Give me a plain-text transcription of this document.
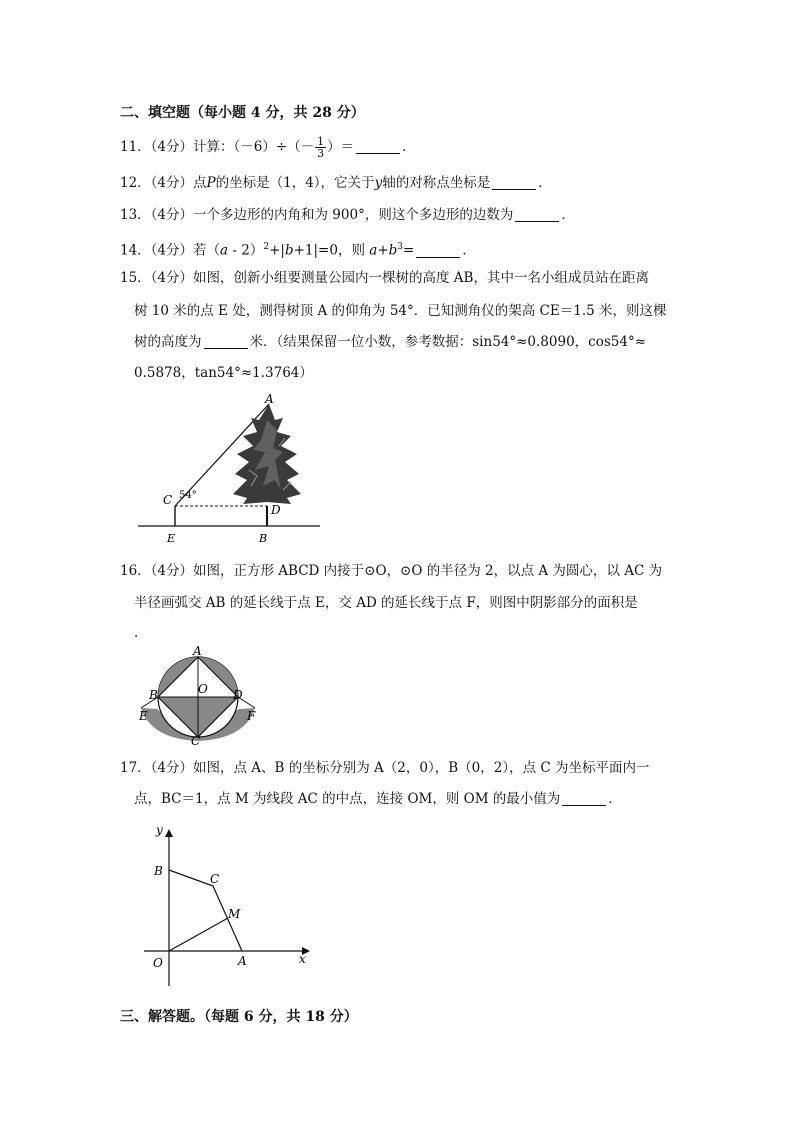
二、填空题（每小题 4 分，共 28 分）
11．（4分）计算：$(-6)\div(- \frac{1}{3}$ ）＝	．
12．（4分）点P的坐标是（1，4），它关于y轴的对称点坐标是	．
13．（4分）一个多边形的内角和为 900°，则这个多边形的边数为	．
14．（4分）若（a - 2）$^2$+|b+1|=0，则 $a+b^3=$	．
15．（4分）如图，创新小组要测量公园内一棵树的高度 AB，其中一名小组成员站在距离
树 10 米的点 E 处，测得树顶 A 的仰角为 54°．已知测角仪的架高 CE＝1.5 米，则这棵
树的高度为	米．（结果保留一位小数，参考数据：sin54°≈0.8090，cos54°≈
0.5878，tan54°≈1.3764）
A
C 54°
D
E	B
16．（4分）如图，正方形 ABCD 内接于⊙O，⊙O 的半径为 2，以点 A 为圆心，以 AC 为
半径画弧交 AB 的延长线于点 E，交 AD 的延长线于点 F，则图中阴影部分的面积是
．
A
B	O D
E	F
C
17．（4分）如图，点 A、B 的坐标分别为 A（2，0），B（0，2），点 C 为坐标平面内一
点，BC＝1，点 M 为线段 AC 的中点，连接 OM，则 OM 的最小值为	．
x
y
O	A
B
C
M
三、解答题。（每题 6 分，共 18 分）
